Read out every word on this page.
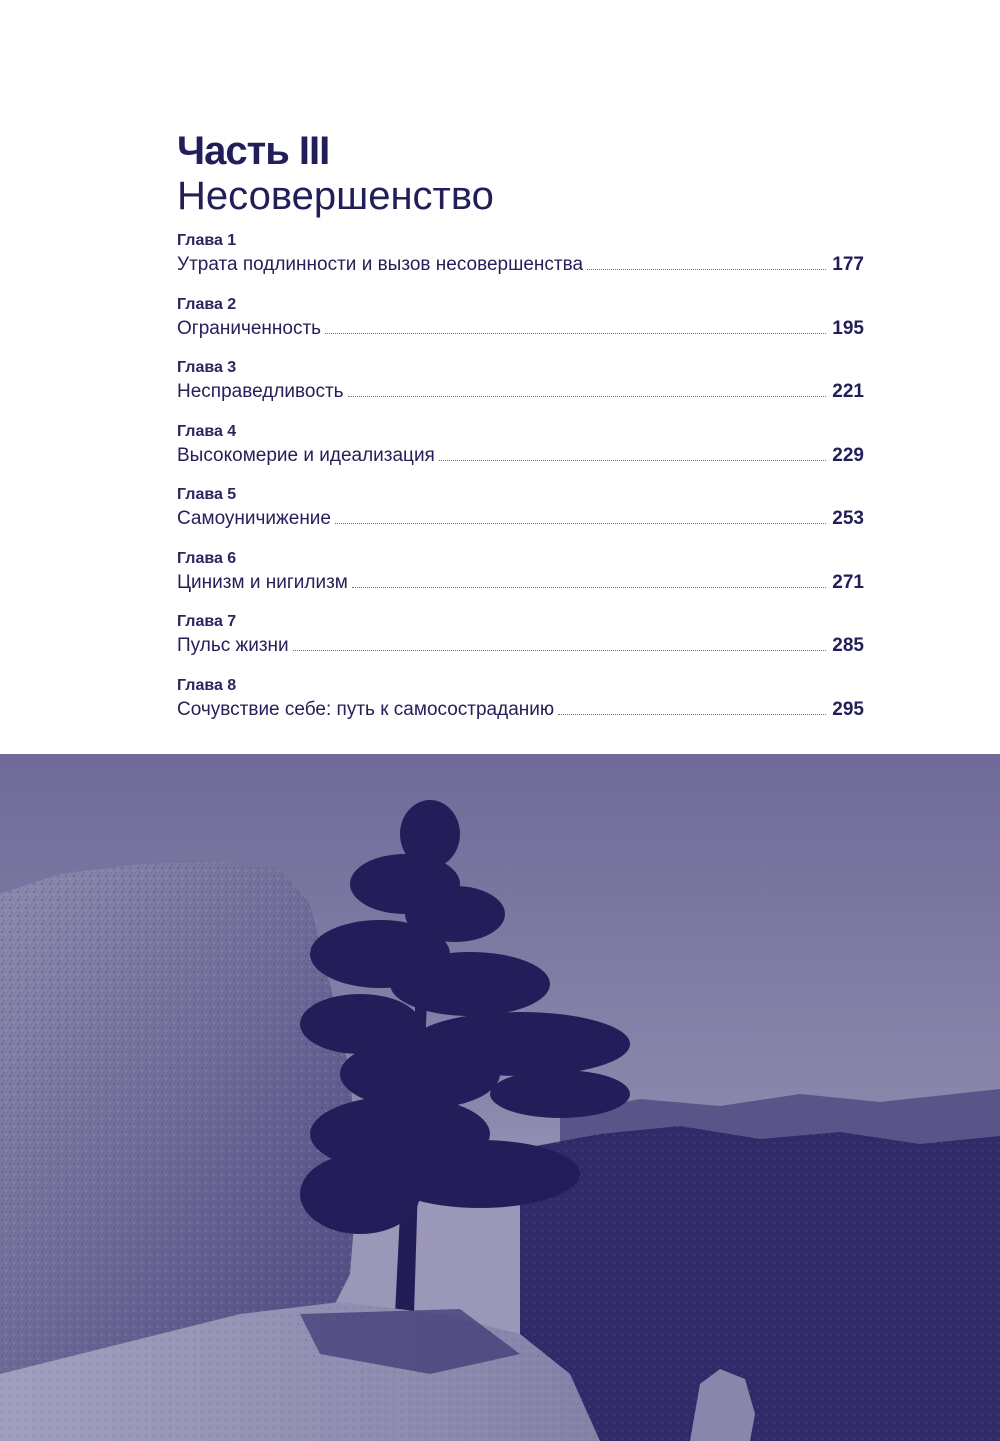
Часть III
Несовершенство
Глава 1
Утрата подлинности и вызов несовершенства	177
Глава 2
Ограниченность	195
Глава 3
Несправедливость	221
Глава 4
Высокомерие и идеализация	229
Глава 5
Самоуничижение	253
Глава 6
Цинизм и нигилизм	271
Глава 7
Пульс жизни	285
Глава 8
Сочувствие себе: путь к самосостраданию	295
